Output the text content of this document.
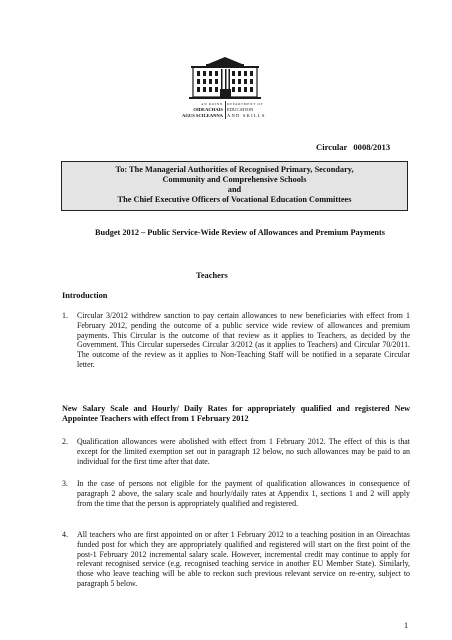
AN ROINN
OIDEACHAIS
AGUS SCILEANNA
DEPARTMENT OF
EDUCATION
AND SKILLS
Circular 0008/2013
To: The Managerial Authorities of Recognised Primary, Secondary,
Community and Comprehensive Schools
and
The Chief Executive Officers of Vocational Education Committees
Budget 2012 – Public Service-Wide Review of Allowances and Premium Payments
Teachers
Introduction
1. Circular 3/2012 withdrew sanction to pay certain allowances to new beneficiaries with effect from 1 February 2012, pending the outcome of a public service wide review of allowances and premium payments. This Circular is the outcome of that review as it applies to Teachers, as decided by the Government. This Circular supersedes Circular 3/2012 (as it applies to Teachers) and Circular 70/2011. The outcome of the review as it applies to Non-Teaching Staff will be notified in a separate Circular letter.
New Salary Scale and Hourly/ Daily Rates for appropriately qualified and registered New Appointee Teachers with effect from 1 February 2012
2. Qualification allowances were abolished with effect from 1 February 2012. The effect of this is that except for the limited exemption set out in paragraph 12 below, no such allowances may be paid to an individual for the first time after that date.
3. In the case of persons not eligible for the payment of qualification allowances in consequence of paragraph 2 above, the salary scale and hourly/daily rates at Appendix 1, sections 1 and 2 will apply from the time that the person is appropriately qualified and registered.
4. All teachers who are first appointed on or after 1 February 2012 to a teaching position in an Oireachtas funded post for which they are appropriately qualified and registered will start on the first point of the post-1 February 2012 incremental salary scale. However, incremental credit may continue to apply for relevant recognised service (e.g. recognised teaching service in another EU Member State). Similarly, those who leave teaching will be able to reckon such previous relevant service on re-entry, subject to paragraph 5 below.
1
